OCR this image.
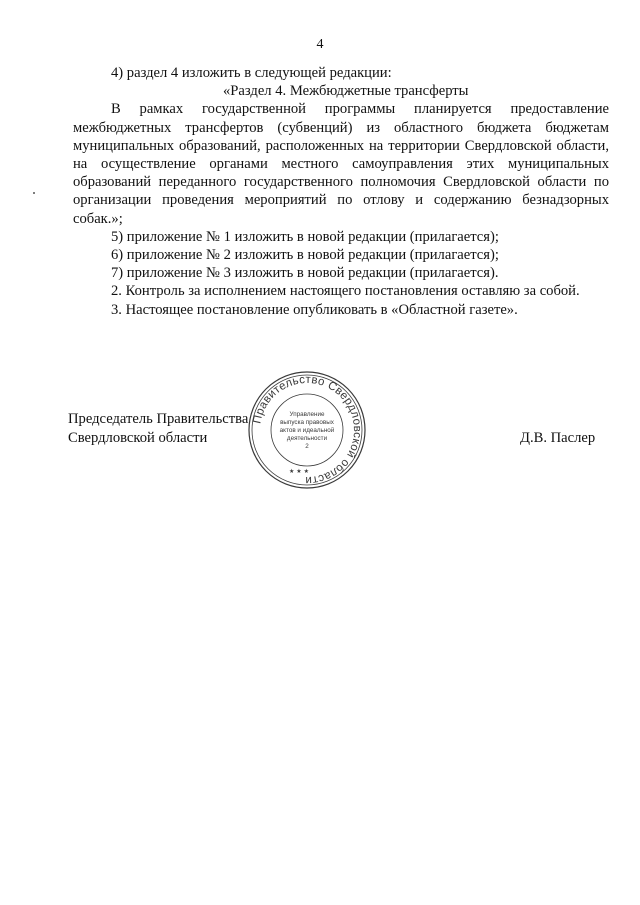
4

4) раздел 4 изложить в следующей редакции:

«Раздел 4. Межбюджетные трансферты

В рамках государственной программы планируется предоставление межбюджетных трансфертов (субвенций) из областного бюджета бюджетам муниципальных образований, расположенных на территории Свердловской области, на осуществление органами местного самоуправления этих муниципальных образований переданного государственного полномочия Свердловской области по организации проведения мероприятий по отлову и содержанию безнадзорных собак.»;

5) приложение № 1 изложить в новой редакции (прилагается);

6) приложение № 2 изложить в новой редакции (прилагается);

7) приложение № 3 изложить в новой редакции (прилагается).

2. Контроль за исполнением настоящего постановления оставляю за собой.

3. Настоящее постановление опубликовать в «Областной газете».

Председатель Правительства
Свердловской области	Д.В. Паслер
Правительство Свердловской области
Управление
выпуска правовых
актов и идеальной
деятельности
2
★ ★ ★
